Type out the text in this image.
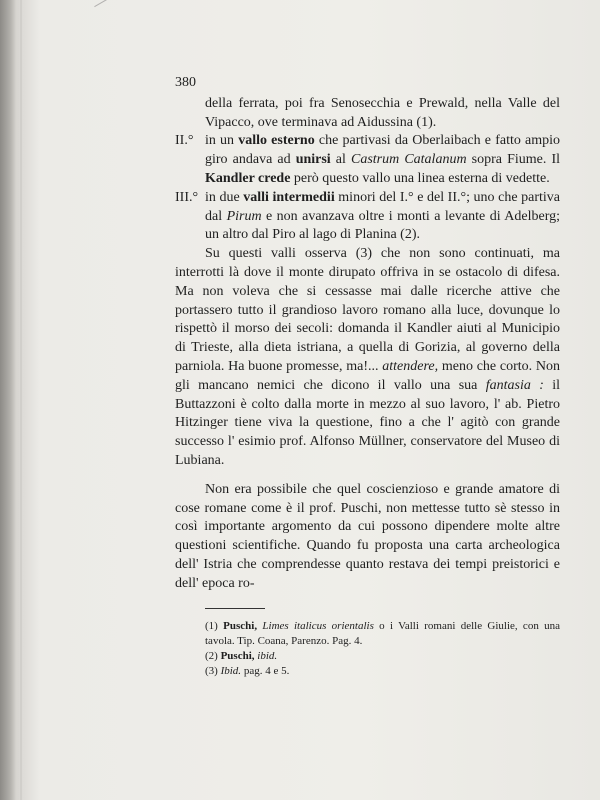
380

della ferrata, poi fra Senosecchia e Prewald, nella Valle del Vipacco, ove terminava ad Aidussina (1).

II.° in un vallo esterno che partivasi da Oberlaibach e fatto ampio giro andava ad unirsi al Castrum Catalanum sopra Fiume. Il Kandler crede però questo vallo una linea esterna di vedette.
III.° in due valli intermedii minori del I.° e del II.°; uno che partiva dal Pirum e non avanzava oltre i monti a levante di Adelberg; un altro dal Piro al lago di Planina (2).

Su questi valli osserva (3) che non sono continuati, ma interrotti là dove il monte dirupato offriva in se ostacolo di difesa. Ma non voleva che si cessasse mai dalle ricerche attive che portassero tutto il grandioso lavoro romano alla luce, dovunque lo rispettò il morso dei secoli: domanda il Kandler aiuti al Municipio di Trieste, alla dieta istriana, a quella di Gorizia, al governo della parniola. Ha buone promesse, ma!... attendere, meno che corto. Non gli mancano nemici che dicono il vallo una sua fantasia : il Buttazzoni è colto dalla morte in mezzo al suo lavoro, l' ab. Pietro Hitzinger tiene viva la questione, fino a che l' agitò con grande successo l' esimio prof. Alfonso Müllner, conservatore del Museo di Lubiana.

Non era possibile che quel coscienzioso e grande amatore di cose romane come è il prof. Puschi, non mettesse tutto sè stesso in così importante argomento da cui possono dipendere molte altre questioni scientifiche. Quando fu proposta una carta archeologica dell' Istria che comprendesse quanto restava dei tempi preistorici e dell' epoca ro-

(1) Puschi, Limes italicus orientalis o i Valli romani delle Giulie, con una tavola. Tip. Coana, Parenzo. Pag. 4.
(2) Puschi, ibid.
(3) Ibid. pag. 4 e 5.
